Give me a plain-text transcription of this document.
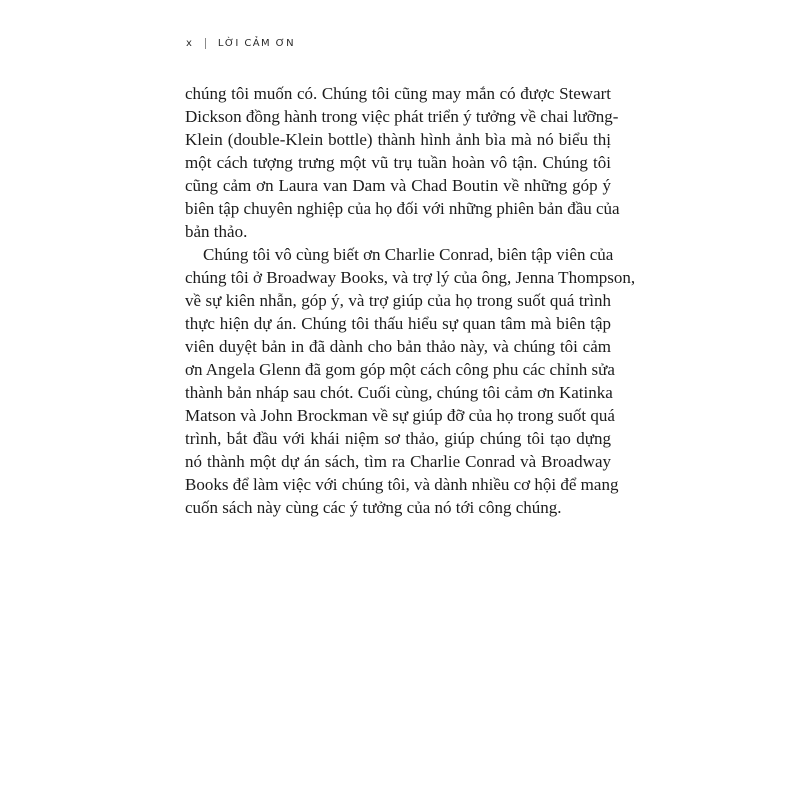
x	LỜI CẢM ƠN
chúng tôi muốn có. Chúng tôi cũng may mắn có được Stewart
Dickson đồng hành trong việc phát triển ý tưởng về chai lưỡng-
Klein (double-Klein bottle) thành hình ảnh bìa mà nó biểu thị
một cách tượng trưng một vũ trụ tuần hoàn vô tận. Chúng tôi
cũng cảm ơn Laura van Dam và Chad Boutin về những góp ý
biên tập chuyên nghiệp của họ đối với những phiên bản đầu của
bản thảo.
Chúng tôi vô cùng biết ơn Charlie Conrad, biên tập viên của
chúng tôi ở Broadway Books, và trợ lý của ông, Jenna Thompson,
về sự kiên nhẫn, góp ý, và trợ giúp của họ trong suốt quá trình
thực hiện dự án. Chúng tôi thấu hiểu sự quan tâm mà biên tập
viên duyệt bản in đã dành cho bản thảo này, và chúng tôi cảm
ơn Angela Glenn đã gom góp một cách công phu các chỉnh sửa
thành bản nháp sau chót. Cuối cùng, chúng tôi cảm ơn Katinka
Matson và John Brockman về sự giúp đỡ của họ trong suốt quá
trình, bắt đầu với khái niệm sơ thảo, giúp chúng tôi tạo dựng
nó thành một dự án sách, tìm ra Charlie Conrad và Broadway
Books để làm việc với chúng tôi, và dành nhiều cơ hội để mang
cuốn sách này cùng các ý tưởng của nó tới công chúng.
